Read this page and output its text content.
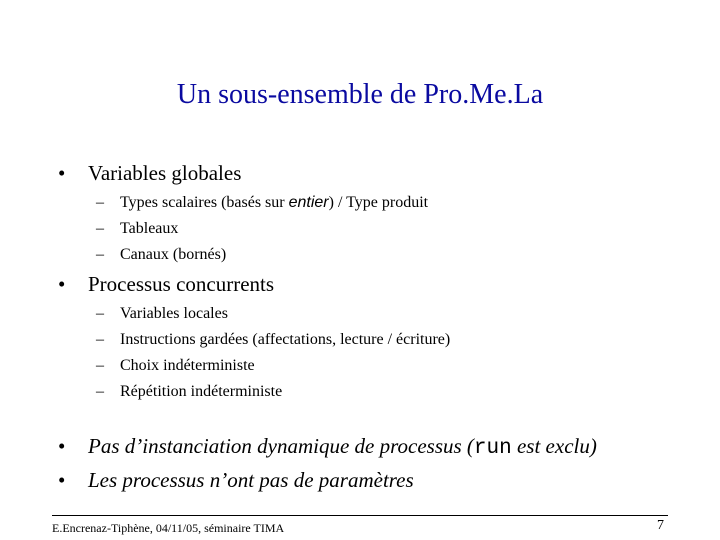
Un sous-ensemble de Pro.Me.La
• Variables globales
– Types scalaires (basés sur entier) / Type produit
– Tableaux
– Canaux (bornés)
• Processus concurrents
– Variables locales
– Instructions gardées (affectations, lecture / écriture)
– Choix indéterministe
– Répétition indéterministe
• Pas d’instanciation dynamique de processus (run est exclu)
• Les processus n’ont pas de paramètres
E.Encrenaz-Tiphène, 04/11/05, séminaire TIMA	7
